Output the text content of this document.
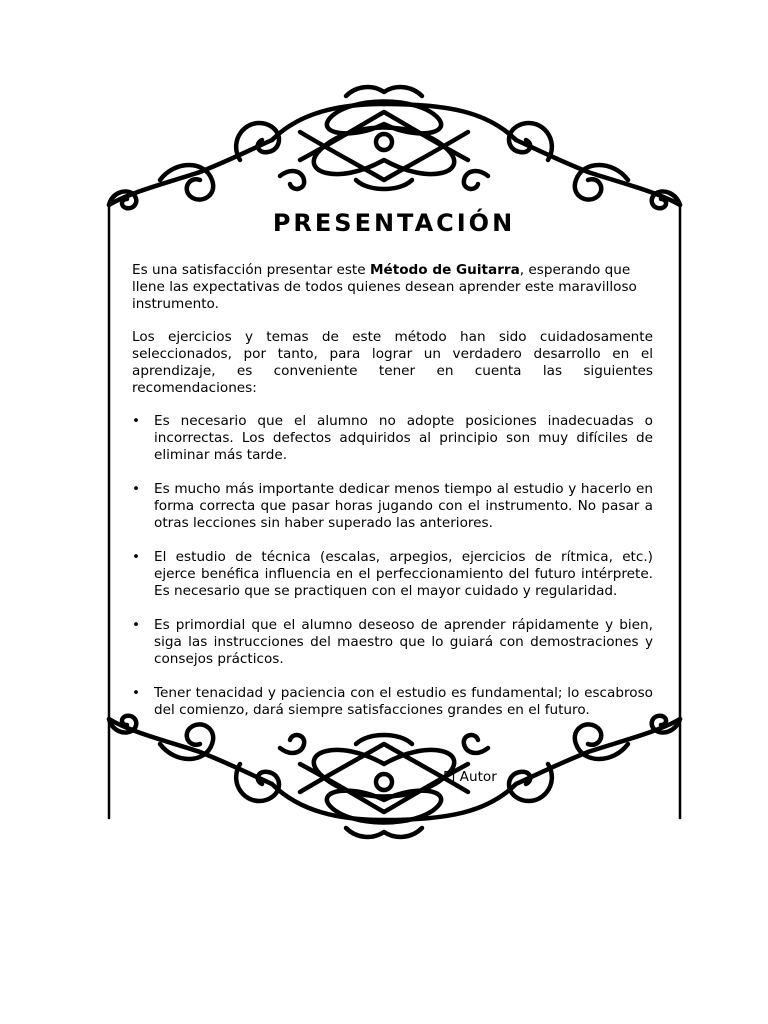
PRESENTACIÓN

Es una satisfacción presentar este Método de Guitarra, esperando que llene las expectativas de todos quienes desean aprender este maravilloso instrumento.

Los ejercicios y temas de este método han sido cuidadosamente seleccionados, por tanto, para lograr un verdadero desarrollo en el aprendizaje, es conveniente tener en cuenta las siguientes recomendaciones:

• Es necesario que el alumno no adopte posiciones inadecuadas o incorrectas. Los defectos adquiridos al principio son muy difíciles de eliminar más tarde.
• Es mucho más importante dedicar menos tiempo al estudio y hacerlo en forma correcta que pasar horas jugando con el instrumento. No pasar a otras lecciones sin haber superado las anteriores.
• El estudio de técnica (escalas, arpegios, ejercicios de rítmica, etc.) ejerce benéfica influencia en el perfeccionamiento del futuro intérprete. Es necesario que se practiquen con el mayor cuidado y regularidad.
• Es primordial que el alumno deseoso de aprender rápidamente y bien, siga las instrucciones del maestro que lo guiará con demostraciones y consejos prácticos.
• Tener tenacidad y paciencia con el estudio es fundamental; lo escabroso del comienzo, dará siempre satisfacciones grandes en el futuro.
El Autor
